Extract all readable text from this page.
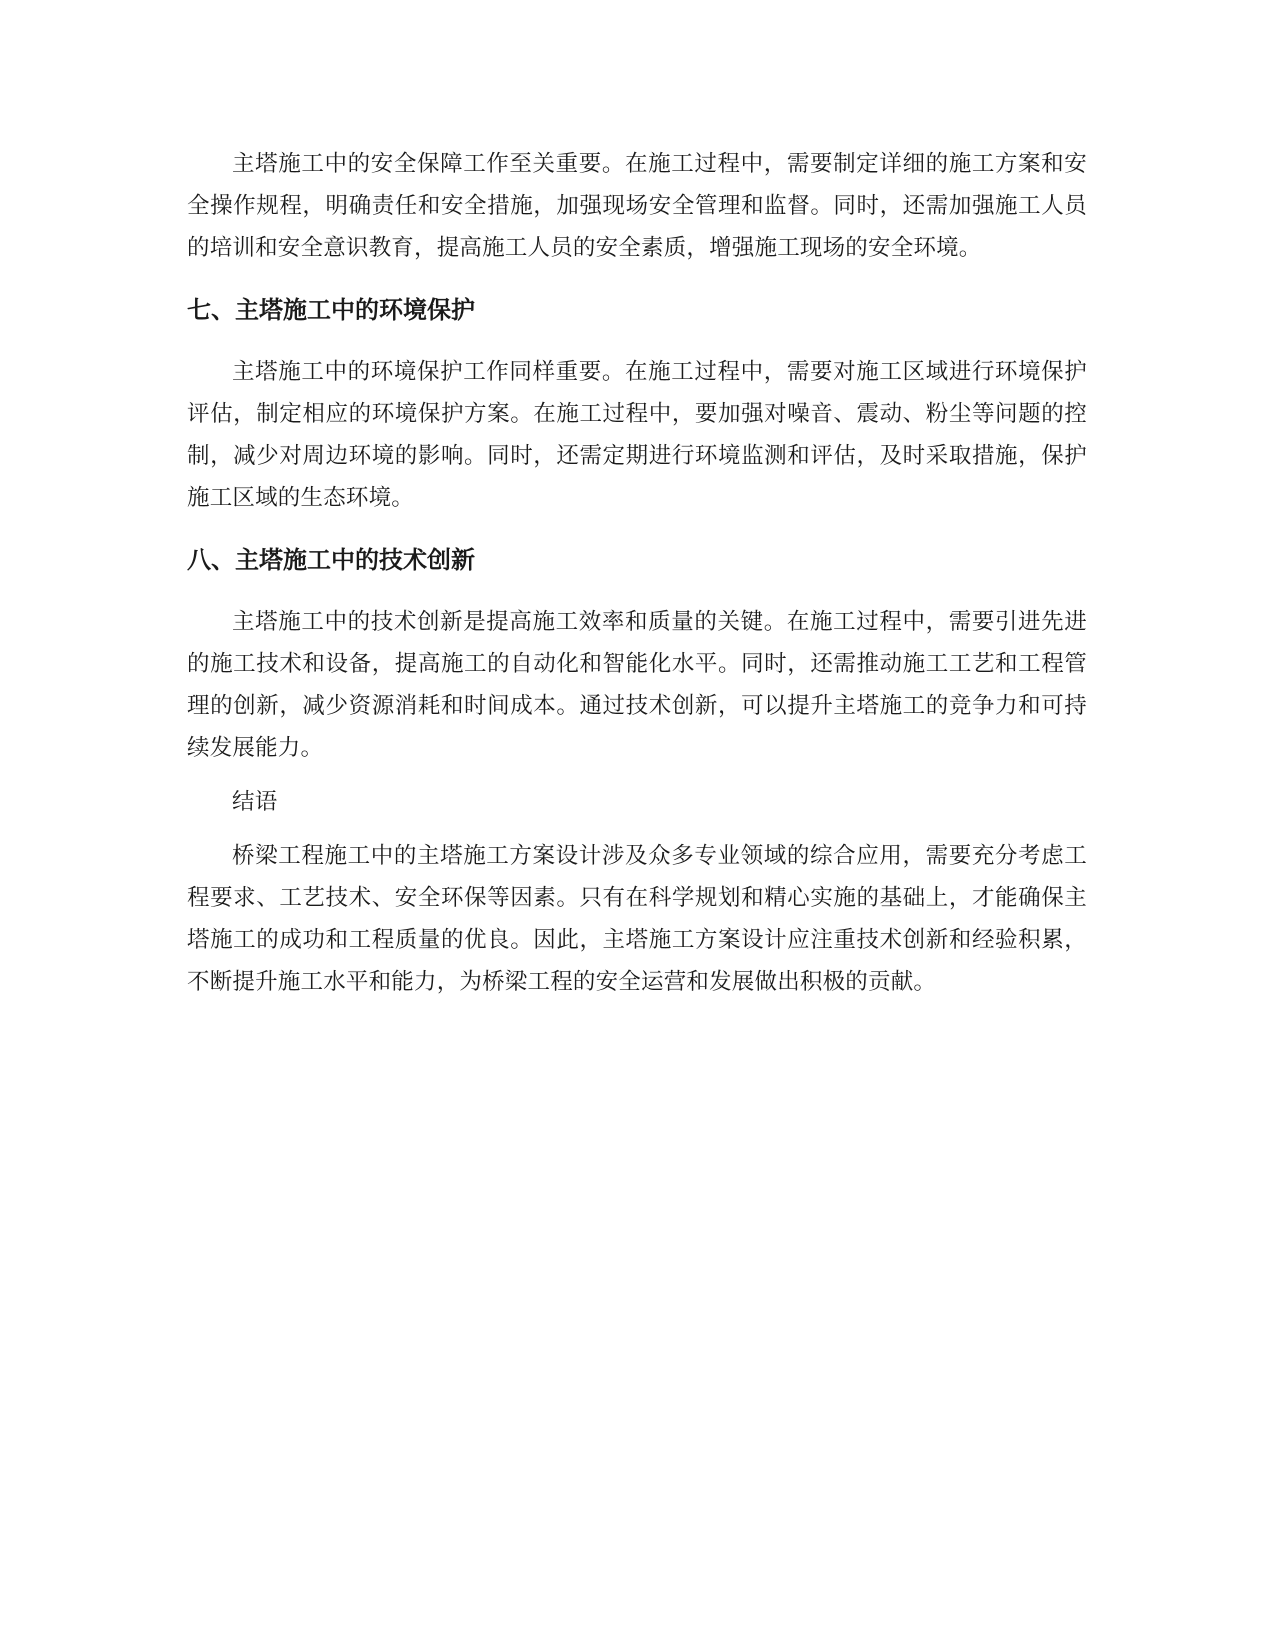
主塔施工中的安全保障工作至关重要。在施工过程中，需要制定详细的施工方案和安全操作规程，明确责任和安全措施，加强现场安全管理和监督。同时，还需加强施工人员的培训和安全意识教育，提高施工人员的安全素质，增强施工现场的安全环境。

七、主塔施工中的环境保护

主塔施工中的环境保护工作同样重要。在施工过程中，需要对施工区域进行环境保护评估，制定相应的环境保护方案。在施工过程中，要加强对噪音、震动、粉尘等问题的控制，减少对周边环境的影响。同时，还需定期进行环境监测和评估，及时采取措施，保护施工区域的生态环境。

八、主塔施工中的技术创新

主塔施工中的技术创新是提高施工效率和质量的关键。在施工过程中，需要引进先进的施工技术和设备，提高施工的自动化和智能化水平。同时，还需推动施工工艺和工程管理的创新，减少资源消耗和时间成本。通过技术创新，可以提升主塔施工的竞争力和可持续发展能力。

结语

桥梁工程施工中的主塔施工方案设计涉及众多专业领域的综合应用，需要充分考虑工程要求、工艺技术、安全环保等因素。只有在科学规划和精心实施的基础上，才能确保主塔施工的成功和工程质量的优良。因此，主塔施工方案设计应注重技术创新和经验积累，不断提升施工水平和能力，为桥梁工程的安全运营和发展做出积极的贡献。
